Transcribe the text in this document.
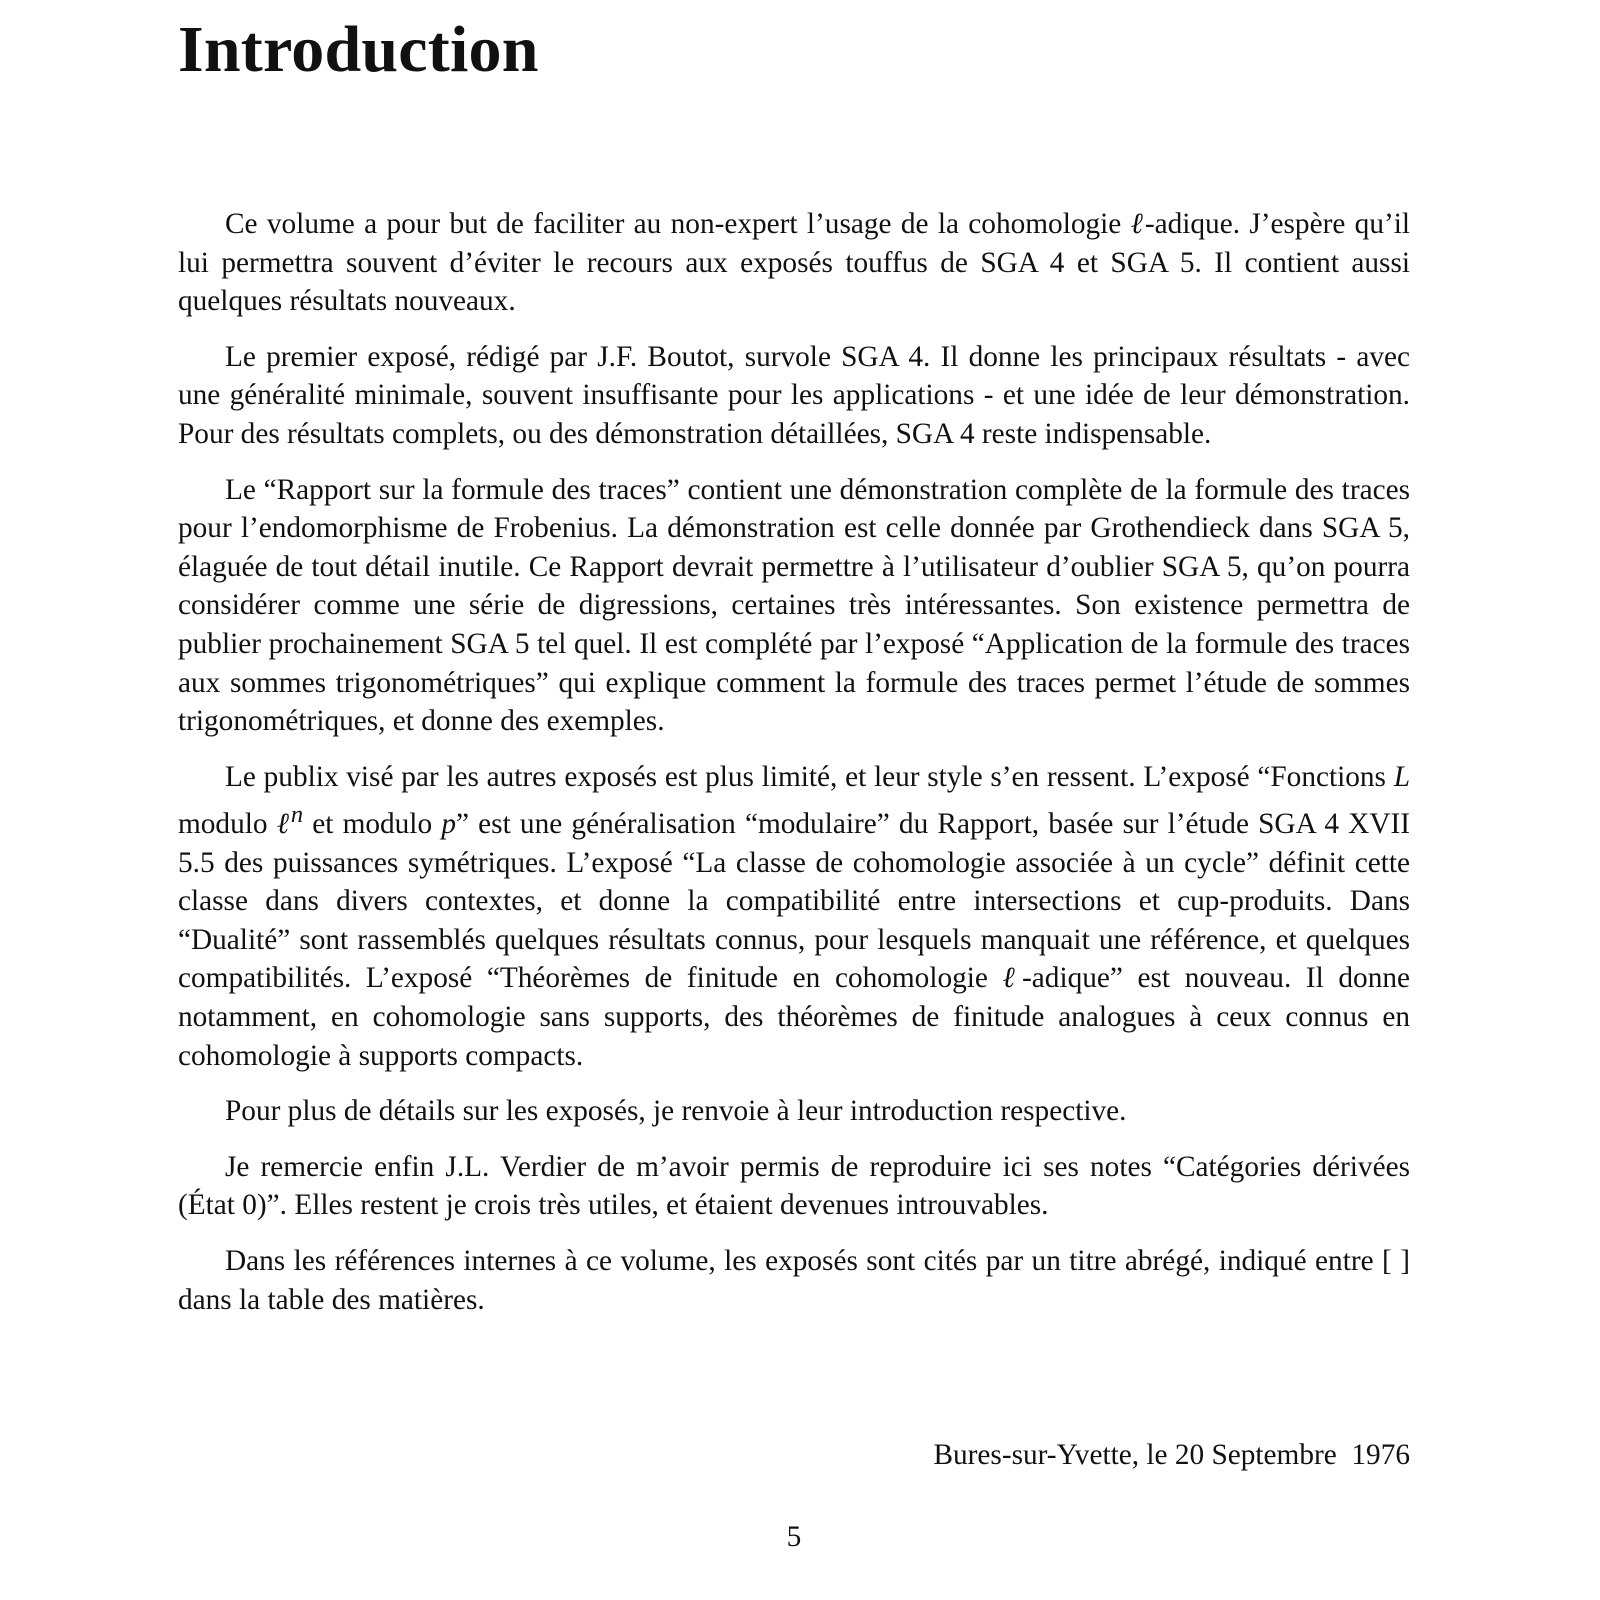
Introduction

Ce volume a pour but de faciliter au non-expert l’usage de la cohomologie ℓ-adique. J’espère qu’il lui permettra souvent d’éviter le recours aux exposés touffus de SGA 4 et SGA 5. Il contient aussi quelques résultats nouveaux.

Le premier exposé, rédigé par J.F. Boutot, survole SGA 4. Il donne les principaux résultats - avec une généralité minimale, souvent insuffisante pour les applications - et une idée de leur démonstration. Pour des résultats complets, ou des démonstration détaillées, SGA 4 reste indispensable.

Le “Rapport sur la formule des traces” contient une démonstration complète de la formule des traces pour l’endomorphisme de Frobenius. La démonstration est celle donnée par Grothendieck dans SGA 5, élaguée de tout détail inutile. Ce Rapport devrait permettre à l’utilisateur d’oublier SGA 5, qu’on pourra considérer comme une série de digressions, certaines très intéressantes. Son existence permettra de publier prochainement SGA 5 tel quel. Il est complété par l’exposé “Application de la formule des traces aux sommes trigonométriques” qui explique comment la formule des traces permet l’étude de sommes trigonométriques, et donne des exemples.

Le publix visé par les autres exposés est plus limité, et leur style s’en ressent. L’exposé “Fonctions L modulo ℓ$^n$ et modulo p” est une généralisation “modulaire” du Rapport, basée sur l’étude SGA 4 XVII 5.5 des puissances symétriques. L’exposé “La classe de cohomologie associée à un cycle” définit cette classe dans divers contextes, et donne la compatibilité entre intersections et cup-produits. Dans “Dualité” sont rassemblés quelques résultats connus, pour lesquels manquait une référence, et quelques compatibilités. L’exposé “Théorèmes de finitude en cohomologie ℓ-adique” est nouveau. Il donne notamment, en cohomologie sans supports, des théorèmes de finitude analogues à ceux connus en cohomologie à supports compacts.

Pour plus de détails sur les exposés, je renvoie à leur introduction respective.

Je remercie enfin J.L. Verdier de m’avoir permis de reproduire ici ses notes “Catégories dérivées (État 0)”. Elles restent je crois très utiles, et étaient devenues introuvables.

Dans les références internes à ce volume, les exposés sont cités par un titre abrégé, indiqué entre [ ] dans la table des matières.

Bures-sur-Yvette, le 20 Septembre  1976
5
